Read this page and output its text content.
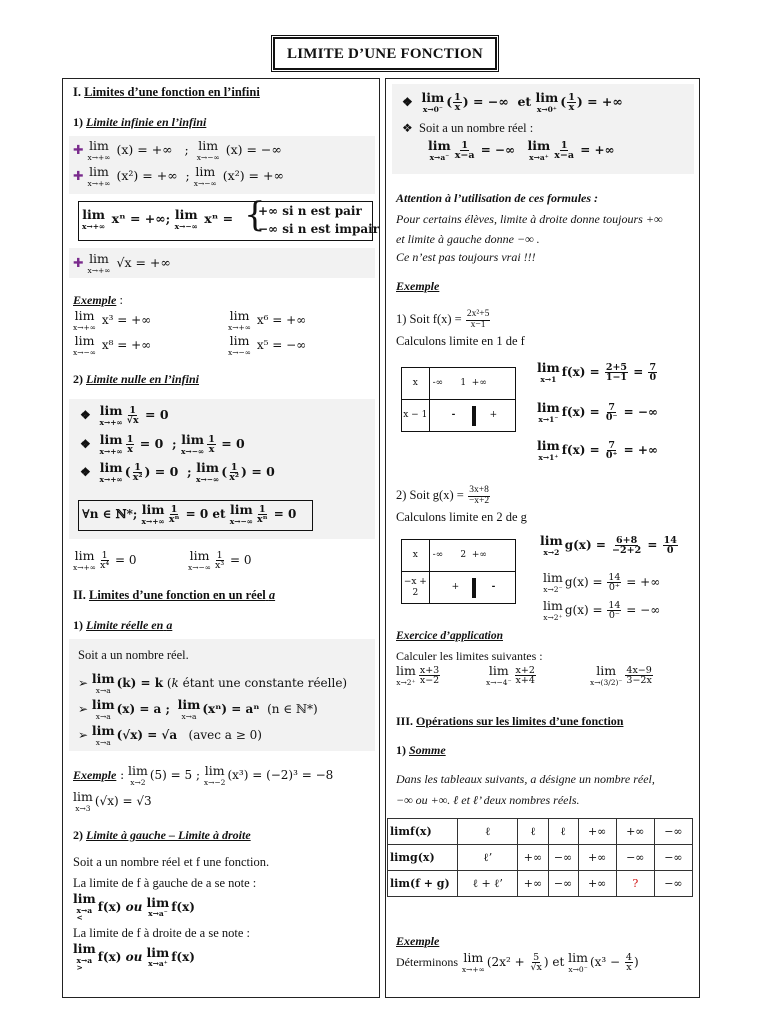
LIMITE D’UNE FONCTION
I. Limites d’une fonction en l’infini
1) Limite infinie en l’infini
✚ lim
x→+∞ (x) = +∞   ; lim
x→−∞ (x) = −∞
✚ lim
x→+∞ (x²) = +∞  ; lim
x→−∞ (x²) = +∞
lim
x→+∞ xⁿ = +∞; lim
x→−∞ xⁿ = {
+∞ si n est pair
−∞ si n est impair
✚ lim
x→+∞ √x = +∞
Exemple :
lim
x→+∞ x³ = +∞	lim
x→+∞ x⁶ = +∞
lim
x→−∞ x⁸ = +∞	lim
x→−∞ x⁵ = −∞
2) Limite nulle en l’infini
❖ lim
$x\to+\infty \frac{1}{√x} = 0$
❖ lim
$x\to+\infty \frac{1}{x} = 0$  ; lim
$x\to-\infty \frac{1}{x} = 0$
❖ lim
x→+∞ ( $\frac{1}{\text{x²}}$ ) = 0  ; lim
x→−∞ ( $\frac{1}{\text{x²}}$ ) = 0
∀n ∈ ℕ*; lim
$x\to+\infty \frac{1}{\text{xⁿ}} = 0$ et lim
$x\to-\infty \frac{1}{\text{xⁿ}} = 0$
lim
$x\to+\infty \frac{1}{\text{x⁴}} = 0$	lim
$x\to-\infty \frac{1}{\text{x³}} = 0$
II. Limites d’une fonction en un réel a
1) Limite réelle en a
Soit a un nombre réel.
➢ lim
x→a (k) = k (k étant une constante réelle)
➢ lim
x→a (x) = a ; lim
x→a (xⁿ) = aⁿ  (n ∈ ℕ*)
➢ lim
x→a (√x) = √a   (avec a ≥ 0)
Exemple : lim
x→2 (5) = 5 ; lim
x→−2 (x³) = (−2)³ = −8
lim
x→3 (√x) = √3
2) Limite à gauche – Limite à droite
Soit a un nombre réel et f une fonction.
La limite de f à gauche de a se note :
lim
x→a
<
f(x) ou lim
x→a⁻ f(x)
La limite de f à droite de a se note :
lim
x→a
>
f(x) ou lim
x→a⁺ f(x)
❖ lim
x→0⁻ ( $\frac{1}{x}$ ) = −∞  et lim
x→0⁺ ( $\frac{1}{x}$ ) = +∞
❖ Soit a un nombre réel :
lim
$x\to a^- \frac{1}{x-a}$ = −∞ lim
$x\to a^+ \frac{1}{x-a}$ = +∞
Attention à l’utilisation de ces formules :
Pour certains élèves, limite à droite donne toujours +∞
et limite à gauche donne −∞ .
Ce n’est pas toujours vrai !!!
Exemple
1) Soit $f(x) = \frac{\text{2x²+5}}{x-1}$
Calculons limite en 1 de f
x	-∞ 1 +∞
x − 1	- +
lim
x→1 $f(x) = \frac{2+5}{1-1} = \frac{7}{0}$
lim
x→1⁻ $f(x) = \frac{7}{0^-}$ = −∞
lim
x→1⁺ $f(x) = \frac{7}{0^+}$ = +∞
2) Soit $g(x) = \frac{3x+8}{-x+2}$
Calculons limite en 2 de g
x	-∞ 2 +∞
−x + 2	+ -
lim
x→2 $g(x) = \frac{6+8}{-2+2} = \frac{14}{0}$
lim
x→2⁻ $g(x) = \frac{14}{0^+}$ = +∞
lim
x→2⁺ $g(x) = \frac{14}{0^-}$ = −∞
Exercice d’application
Calculer les limites suivantes :
lim
$x\to 2^+ \frac{x+3}{x-2}$	lim
$x\to-4^- \frac{x+2}{x+4}$	lim
$x\to(3/2)^- \frac{4x-9}{3-2x}$
III. Opérations sur les limites d’une fonction
1) Somme
Dans les tableaux suivants, a désigne un nombre réel,
−∞ ou +∞. ℓ et ℓ’ deux nombres réels.
limf(x)	ℓ	ℓ	ℓ	+∞	+∞	−∞
limg(x)	ℓ’	+∞	−∞	+∞	−∞	−∞
lim(f + g)	ℓ + ℓ’	+∞	−∞	+∞	?	−∞
Exemple
Déterminons lim
x→+∞ ($2x^2 + \frac{5}{√x}$ ) et lim
x→0⁻ ($x^3 - \frac{4}{x}$ )
